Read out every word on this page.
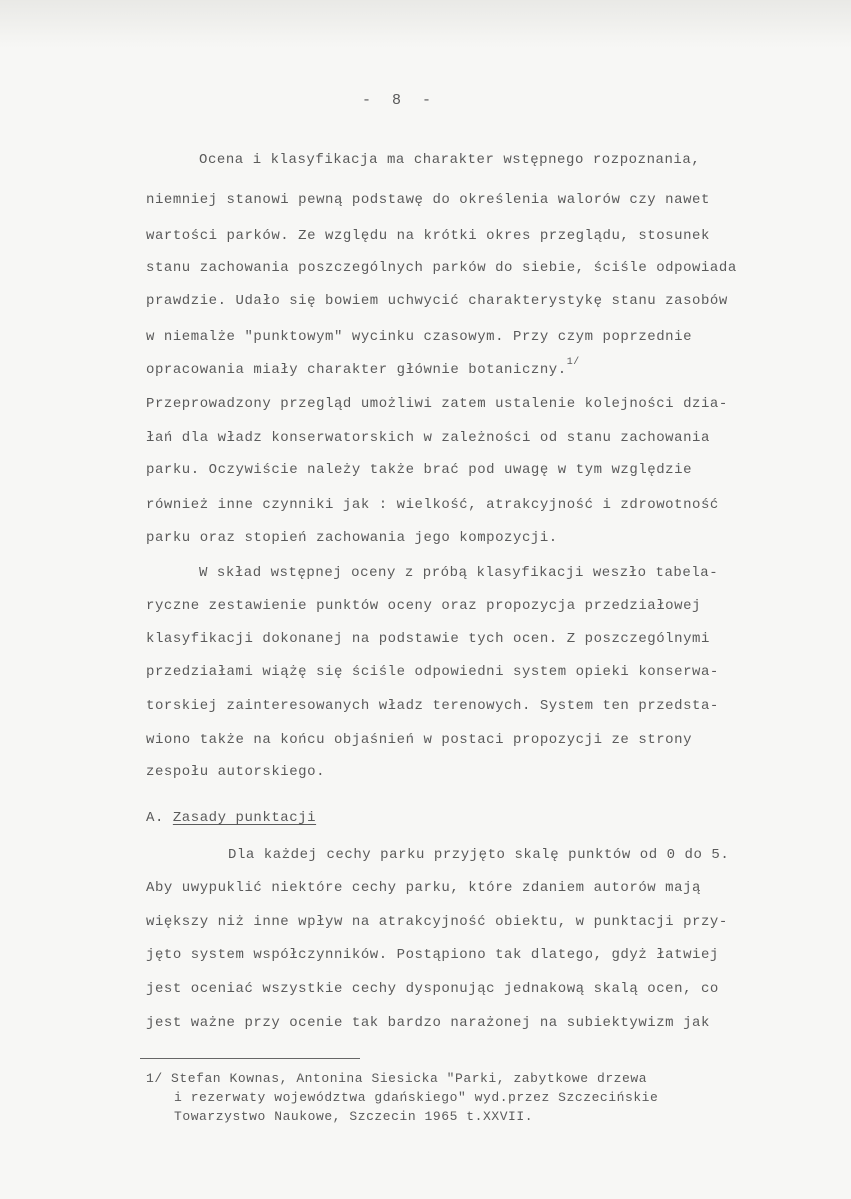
- 8 -
Ocena i klasyfikacja ma charakter wstępnego rozpoznania,
niemniej stanowi pewną podstawę do określenia walorów czy nawet
wartości parków. Ze względu na krótki okres przeglądu, stosunek
stanu zachowania poszczególnych parków do siebie, ściśle odpowiada
prawdzie. Udało się bowiem uchwycić charakterystykę stanu zasobów
w niemalże "punktowym" wycinku czasowym. Przy czym poprzednie
opracowania miały charakter głównie botaniczny.$^{1/}$
Przeprowadzony przegląd umożliwi zatem ustalenie kolejności dzia-
łań dla władz konserwatorskich w zależności od stanu zachowania
parku. Oczywiście należy także brać pod uwagę w tym względzie
również inne czynniki jak : wielkość, atrakcyjność i zdrowotność
parku oraz stopień zachowania jego kompozycji.
W skład wstępnej oceny z próbą klasyfikacji weszło tabela-
ryczne zestawienie punktów oceny oraz propozycja przedziałowej
klasyfikacji dokonanej na podstawie tych ocen. Z poszczególnymi
przedziałami wiążę się ściśle odpowiedni system opieki konserwa-
torskiej zainteresowanych władz terenowych. System ten przedsta-
wiono także na końcu objaśnień w postaci propozycji ze strony
zespołu autorskiego.
A. Zasady punktacji
Dla każdej cechy parku przyjęto skalę punktów od 0 do 5.
Aby uwypuklić niektóre cechy parku, które zdaniem autorów mają
większy niż inne wpływ na atrakcyjność obiektu, w punktacji przy-
jęto system współczynników. Postąpiono tak dlatego, gdyż łatwiej
jest oceniać wszystkie cechy dysponując jednakową skalą ocen, co
jest ważne przy ocenie tak bardzo narażonej na subiektywizm jak
1/ Stefan Kownas, Antonina Siesicka "Parki, zabytkowe drzewa
i rezerwaty województwa gdańskiego" wyd.przez Szczecińskie
Towarzystwo Naukowe, Szczecin 1965 t.XXVII.
